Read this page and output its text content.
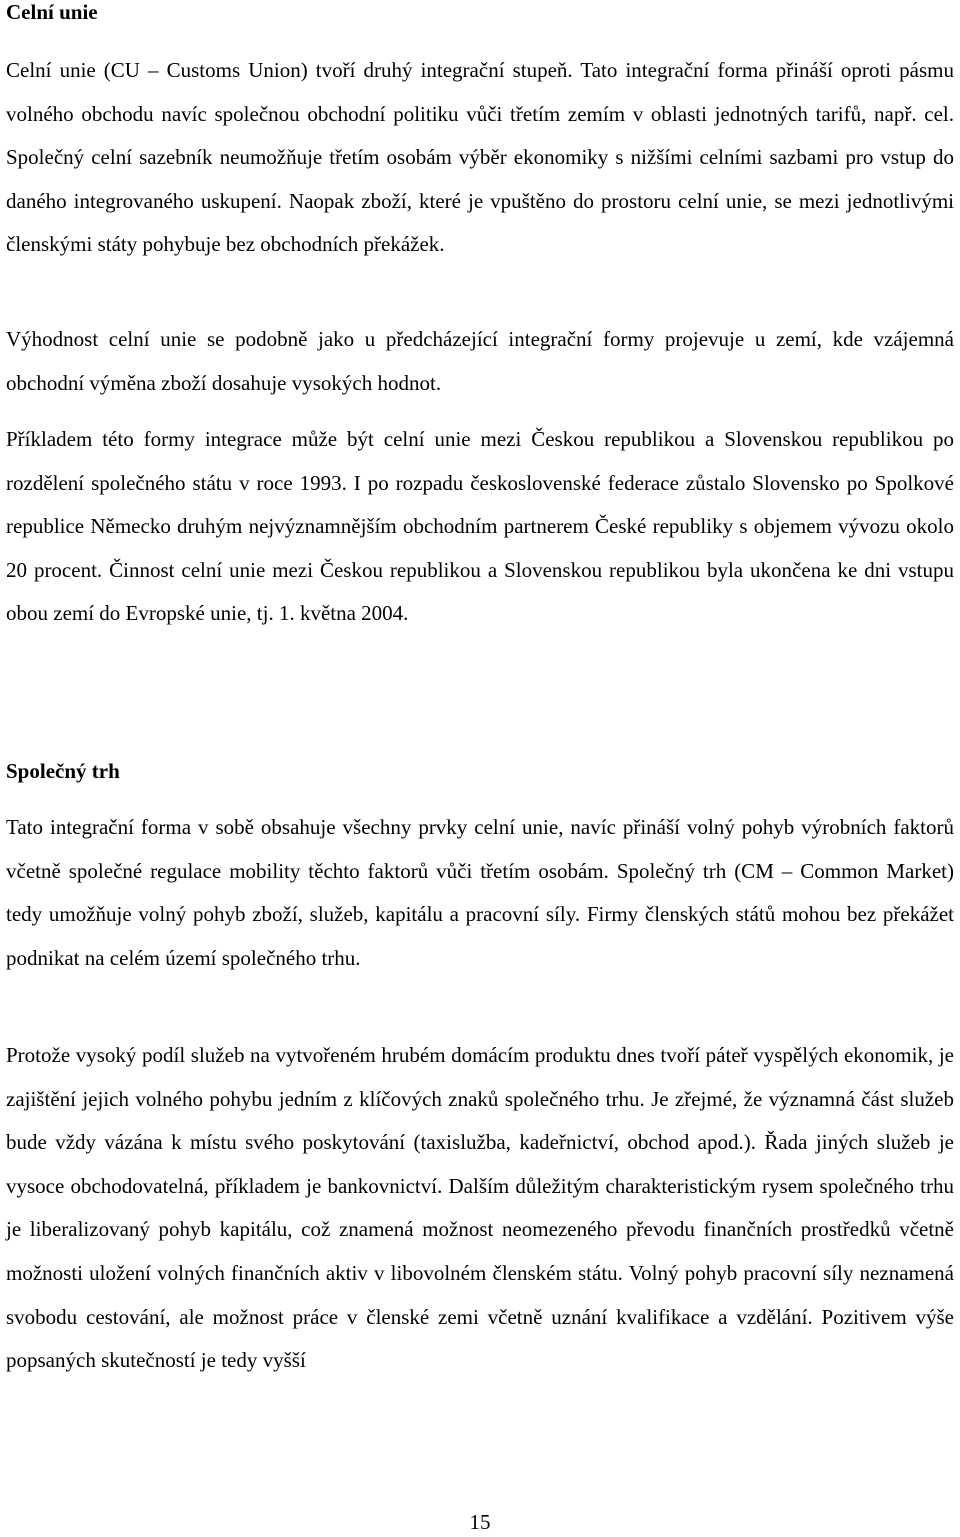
Celní unie

Celní unie (CU – Customs Union) tvoří druhý integrační stupeň. Tato integrační forma přináší oproti pásmu volného obchodu navíc společnou obchodní politiku vůči třetím zemím v oblasti jednotných tarifů, např. cel. Společný celní sazebník neumožňuje třetím osobám výběr ekonomiky s nižšími celními sazbami pro vstup do daného integrovaného uskupení. Naopak zboží, které je vpuštěno do prostoru celní unie, se mezi jednotlivými členskými státy pohybuje bez obchodních překážek.

Výhodnost celní unie se podobně jako u předcházející integrační formy projevuje u zemí, kde vzájemná obchodní výměna zboží dosahuje vysokých hodnot.

Příkladem této formy integrace může být celní unie mezi Českou republikou a Slovenskou republikou po rozdělení společného státu v roce 1993. I po rozpadu československé federace zůstalo Slovensko po Spolkové republice Německo druhým nejvýznamnějším obchodním partnerem České republiky s objemem vývozu okolo 20 procent. Činnost celní unie mezi Českou republikou a Slovenskou republikou byla ukončena ke dni vstupu obou zemí do Evropské unie, tj. 1. května 2004.

Společný trh

Tato integrační forma v sobě obsahuje všechny prvky celní unie, navíc přináší volný pohyb výrobních faktorů včetně společné regulace mobility těchto faktorů vůči třetím osobám. Společný trh (CM – Common Market) tedy umožňuje volný pohyb zboží, služeb, kapitálu a pracovní síly. Firmy členských států mohou bez překážet podnikat na celém území společného trhu.

Protože vysoký podíl služeb na vytvořeném hrubém domácím produktu dnes tvoří páteř vyspělých ekonomik, je zajištění jejich volného pohybu jedním z klíčových znaků společného trhu. Je zřejmé, že významná část služeb bude vždy vázána k místu svého poskytování (taxislužba, kadeřnictví, obchod apod.). Řada jiných služeb je vysoce obchodovatelná, příkladem je bankovnictví. Dalším důležitým charakteristickým rysem společného trhu je liberalizovaný pohyb kapitálu, což znamená možnost neomezeného převodu finančních prostředků včetně možnosti uložení volných finančních aktiv v libovolném členském státu. Volný pohyb pracovní síly neznamená svobodu cestování, ale možnost práce v členské zemi včetně uznání kvalifikace a vzdělání. Pozitivem výše popsaných skutečností je tedy vyšší

15
